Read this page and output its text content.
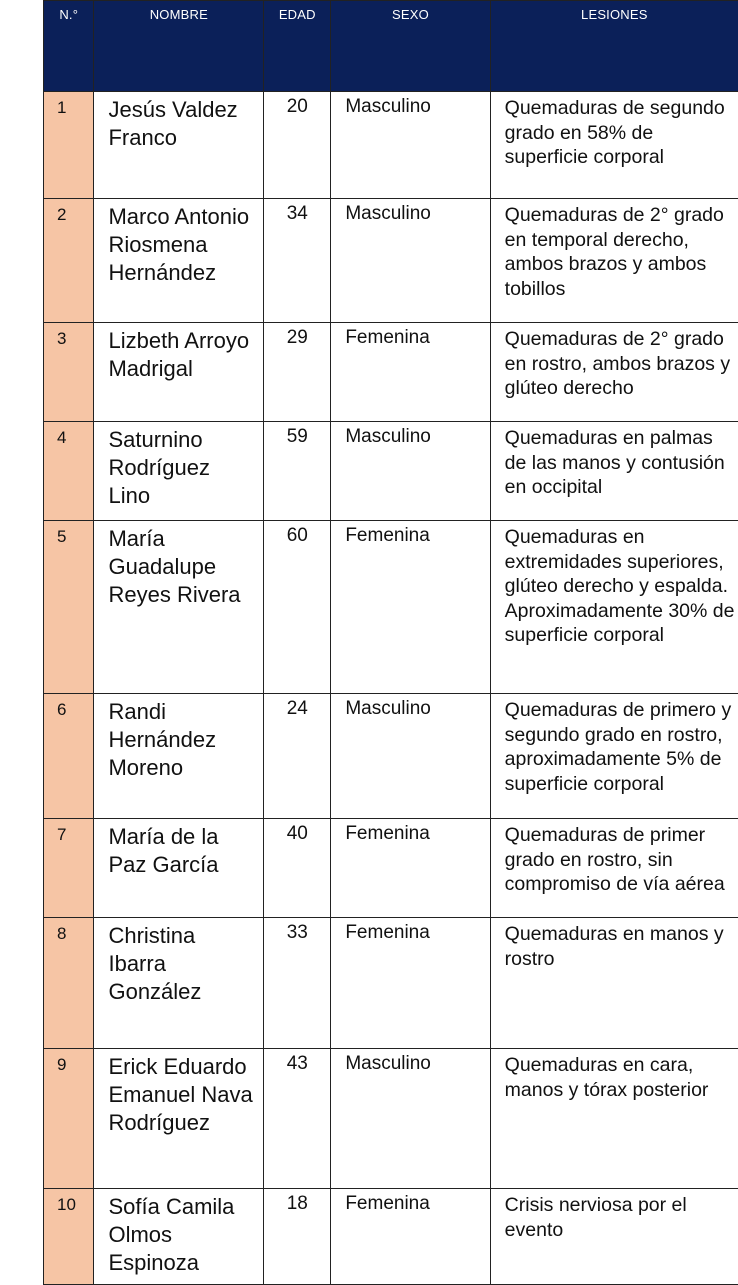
N.°	NOMBRE	EDAD	SEXO	LESIONES
1	Jesús Valdez Franco	20	Masculino	Quemaduras de segundo grado en 58% de superficie corporal
2	Marco Antonio Riosmena Hernández	34	Masculino	Quemaduras de 2° grado en temporal derecho, ambos brazos y ambos tobillos
3	Lizbeth Arroyo Madrigal	29	Femenina	Quemaduras de 2° grado en rostro, ambos brazos y glúteo derecho
4	Saturnino Rodríguez Lino	59	Masculino	Quemaduras en palmas de las manos y contusión en occipital
5	María Guadalupe Reyes Rivera	60	Femenina	Quemaduras en extremidades superiores, glúteo derecho y espalda. Aproximadamente 30% de superficie corporal
6	Randi Hernández Moreno	24	Masculino	Quemaduras de primero y segundo grado en rostro, aproximadamente 5% de superficie corporal
7	María de la Paz García	40	Femenina	Quemaduras de primer grado en rostro, sin compromiso de vía aérea
8	Christina Ibarra González	33	Femenina	Quemaduras en manos y rostro
9	Erick Eduardo Emanuel Nava Rodríguez	43	Masculino	Quemaduras en cara, manos y tórax posterior
10	Sofía Camila Olmos Espinoza	18	Femenina	Crisis nerviosa por el evento
